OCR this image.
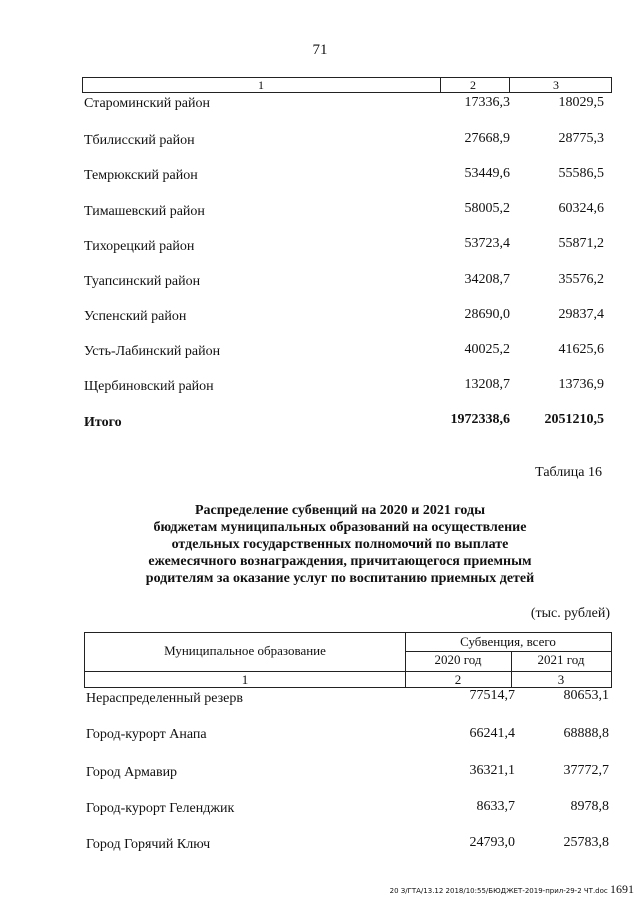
71
1	2	3
Староминский район	17336,3	18029,5
Тбилисский район	27668,9	28775,3
Темрюкский район	53449,6	55586,5
Тимашевский район	58005,2	60324,6
Тихорецкий район	53723,4	55871,2
Туапсинский район	34208,7	35576,2
Успенский район	28690,0	29837,4
Усть-Лабинский район	40025,2	41625,6
Щербиновский район	13208,7	13736,9
Итого	1972338,6 2051210,5
Таблица 16
Распределение субвенций на 2020 и 2021 годы
бюджетам муниципальных образований на осуществление
отдельных государственных полномочий по выплате
ежемесячного вознаграждения, причитающегося приемным
родителям за оказание услуг по воспитанию приемных детей
(тыс. рублей)
Муниципальное образование
Субвенция, всего
2020 год	2021 год
1	2	3
Нераспределенный резерв	77514,7	80653,1
Город-курорт Анапа	66241,4	68888,8
Город Армавир	36321,1	37772,7
Город-курорт Геленджик	8633,7	8978,8
Город Горячий Ключ	24793,0	25783,8
20 З/ГТА/13.12 2018/10:55/БЮДЖЕТ-2019-прил-29-2 ЧТ.doc 1691
